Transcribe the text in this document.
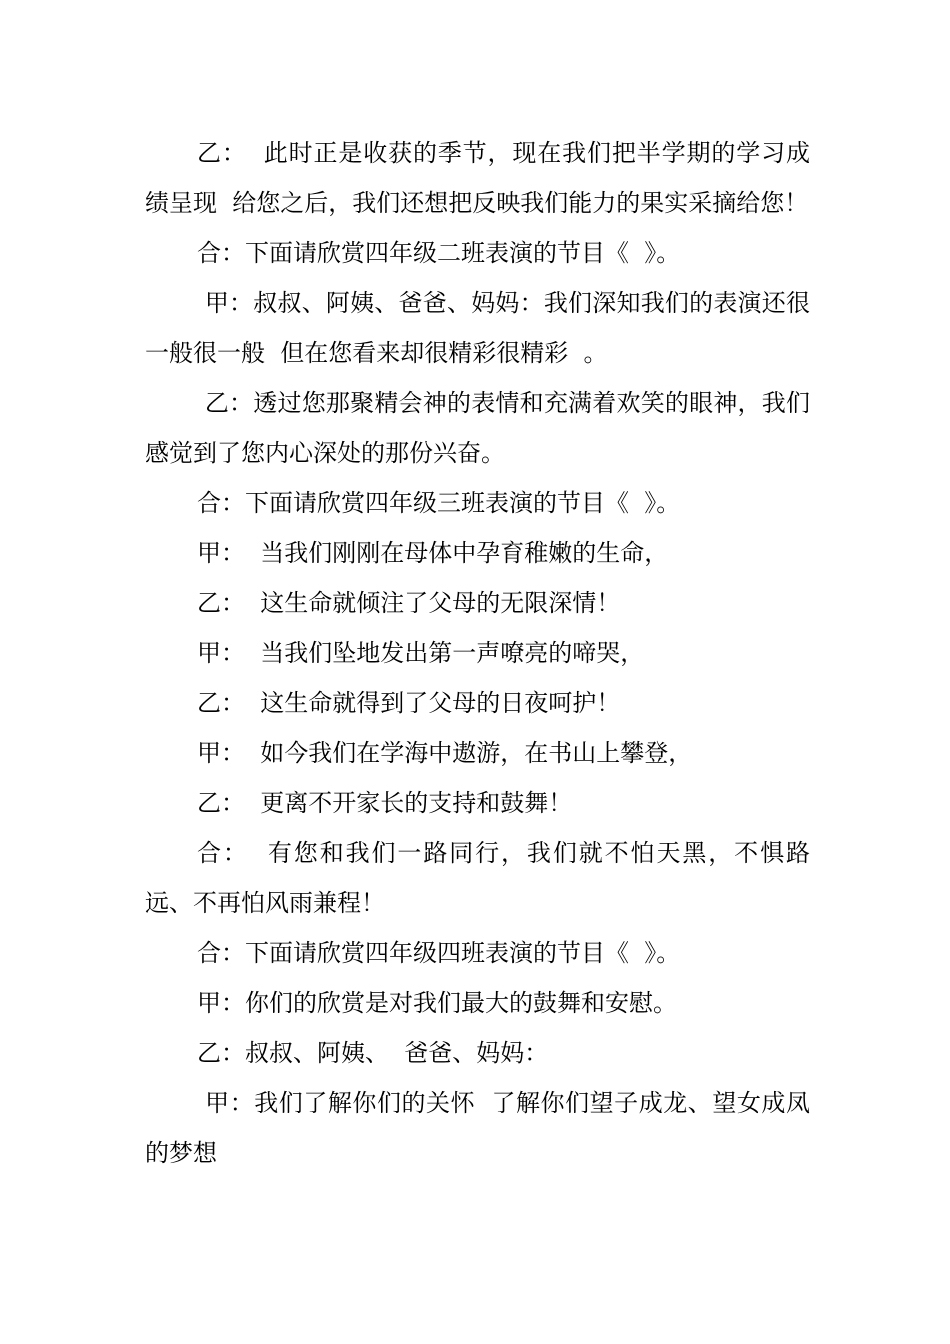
乙：  此时正是收获的季节，现在我们把半学期的学习成绩呈现  给您之后，我们还想把反映我们能力的果实采摘给您！

合：下面请欣赏四年级二班表演的节目《  》。

甲：叔叔、阿姨、爸爸、妈妈：我们深知我们的表演还很一般很一般  但在您看来却很精彩很精彩  。

乙：透过您那聚精会神的表情和充满着欢笑的眼神，我们感觉到了您内心深处的那份兴奋。

合：下面请欣赏四年级三班表演的节目《  》。

甲：  当我们刚刚在母体中孕育稚嫩的生命，

乙：  这生命就倾注了父母的无限深情！

甲：  当我们坠地发出第一声嘹亮的啼哭，

乙：  这生命就得到了父母的日夜呵护！

甲：  如今我们在学海中遨游，在书山上攀登，

乙：  更离不开家长的支持和鼓舞！

合：  有您和我们一路同行，我们就不怕天黑，不惧路远、不再怕风雨兼程！

合：下面请欣赏四年级四班表演的节目《  》。

甲：你们的欣赏是对我们最大的鼓舞和安慰。

乙：叔叔、阿姨、  爸爸、妈妈：

甲：我们了解你们的关怀  了解你们望子成龙、望女成凤的梦想
